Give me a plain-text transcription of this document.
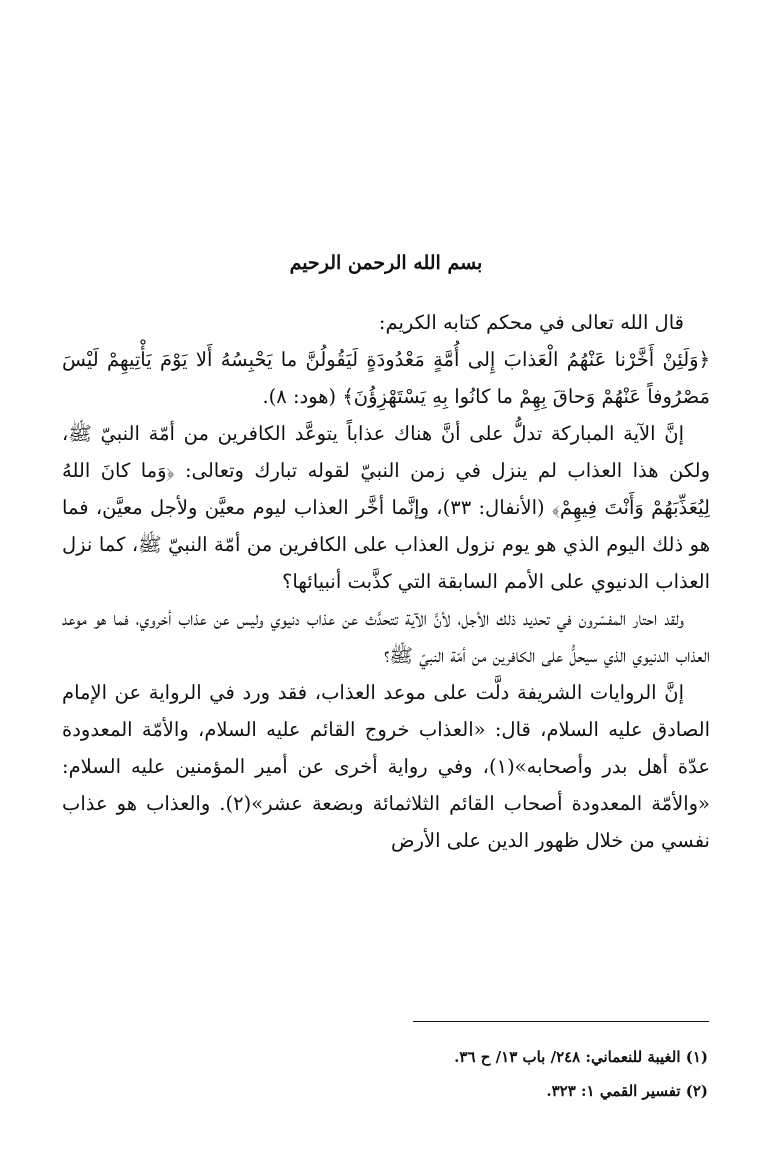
بسم الله الرحمن الرحيم

قال الله تعالى في محكم كتابه الكريم:

﴿وَلَئِنْ أَخَّرْنا عَنْهُمُ الْعَذابَ إِلى أُمَّةٍ مَعْدُودَةٍ لَيَقُولُنَّ ما يَحْبِسُهُ أَلا يَوْمَ يَأْتِيهِمْ لَيْسَ مَصْرُوفاً عَنْهُمْ وَحاقَ بِهِمْ ما كانُوا بِهِ يَسْتَهْزِؤُنَ﴾ (هود: ٨).

إنَّ الآية المباركة تدلُّ على أنَّ هناك عذاباً يتوعَّد الكافرين من أمّة النبيّ ﷺ، ولكن هذا العذاب لم ينزل في زمن النبيّ لقوله تبارك وتعالى: ﴿وَما كانَ اللهُ لِيُعَذِّبَهُمْ وَأَنْتَ فِيهِمْ﴾ (الأنفال: ٣٣)، وإنَّما أخَّر العذاب ليوم معيَّن ولأجل معيَّن، فما هو ذلك اليوم الذي هو يوم نزول العذاب على الكافرين من أمّة النبيّ ﷺ، كما نزل العذاب الدنيوي على الأمم السابقة التي كذَّبت أنبيائها؟

ولقد احتار المفسّرون في تحديد ذلك الأجل، لأنَّ الآية تتحدَّث عن عذاب دنيوي وليس عن عذاب أخروي، فما هو موعد العذاب الدنيوي الذي سيحلُّ على الكافرين من أمّة النبيّ ﷺ؟

إنَّ الروايات الشريفة دلَّت على موعد العذاب، فقد ورد في الرواية عن الإمام الصادق عليه السلام، قال: «العذاب خروج القائم عليه السلام، والأمّة المعدودة عدّة أهل بدر وأصحابه»(١)، وفي رواية أخرى عن أمير المؤمنين عليه السلام: «والأمّة المعدودة أصحاب القائم الثلاثمائة وبضعة عشر»(٢). والعذاب هو عذاب نفسي من خلال ظهور الدين على الأرض

(١) الغيبة للنعماني: ٢٤٨/ باب ١٣/ ح ٣٦.
(٢) تفسير القمي ١: ٣٢٣.
